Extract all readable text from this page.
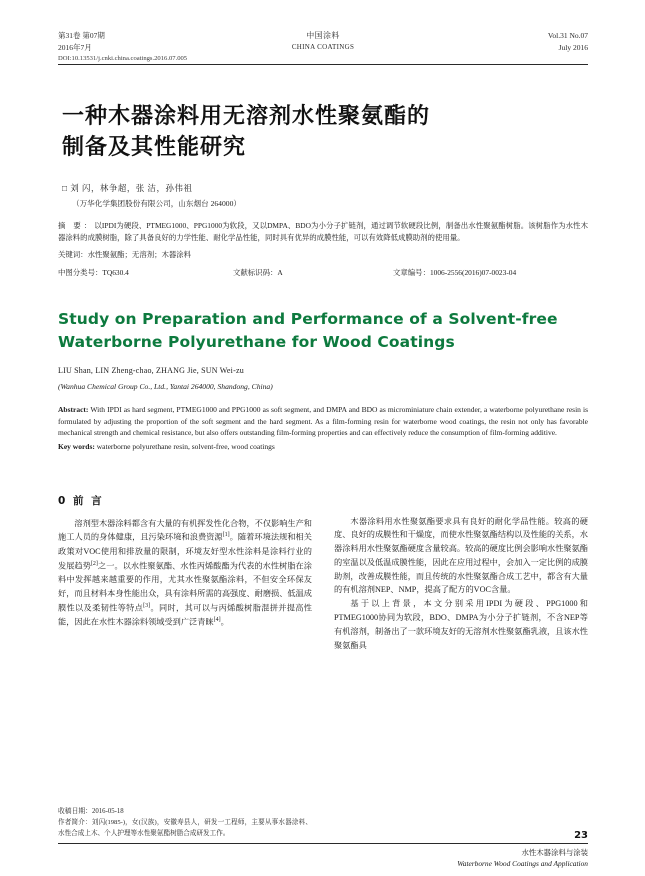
第31卷 第07期
2016年7月
中国涂料
CHINA COATINGS
Vol.31 No.07
July 2016
DOI:10.13531/j.cnki.china.coatings.2016.07.005
一种木器涂料用无溶剂水性聚氨酯的
制备及其性能研究
□ 刘 闪，林争超，张 洁，孙伟祖
（万华化学集团股份有限公司，山东烟台 264000）
摘 要：以IPDI为硬段、PTMEG1000、PPG1000为软段，又以DMPA、BDO为小分子扩链剂，通过调节软硬段比例，制备出水性聚氨酯树脂。该树脂作为水性木器涂料的成膜树脂，除了具备良好的力学性能、耐化学品性能，同时具有优异的成膜性能，可以有效降低成膜助剂的使用量。
关键词：水性聚氨酯；无溶剂；木器涂料
中图分类号：TQ630.4	文献标识码：A	文章编号：1006-2556(2016)07-0023-04
Study on Preparation and Performance of a Solvent-free
Waterborne Polyurethane for Wood Coatings
LIU Shan, LIN Zheng-chao, ZHANG Jie, SUN Wei-zu
(Wanhua Chemical Group Co., Ltd., Yantai 264000, Shandong, China)
Abstract: With IPDI as hard segment, PTMEG1000 and PPG1000 as soft segment, and DMPA and BDO as microminiature chain extender, a waterborne polyurethane resin is formulated by adjusting the proportion of the soft segment and the hard segment. As a film-forming resin for waterborne wood coatings, the resin not only has favorable mechanical strength and chemical resistance, but also offers outstanding film-forming properties and can effectively reduce the consumption of film-forming additive.
Key words: waterborne polyurethane resin, solvent-free, wood coatings
0 前 言
溶剂型木器涂料都含有大量的有机挥发性化合物，不仅影响生产和施工人员的身体健康，且污染环境和浪费资源[1]。随着环境法规和相关政策对VOC使用和排放量的限制，环境友好型水性涂料是涂料行业的发展趋势[2]之一。以水性聚氨酯、水性丙烯酸酯为代表的水性树脂在涂料中发挥越来越重要的作用，尤其水性聚氨酯涂料，不但安全环保友好，而且材料本身性能出众，具有涂料所需的高强度、耐磨损、低温成膜性以及柔韧性等特点[3]。同时，其可以与丙烯酸树脂混拼并提高性能，因此在水性木器涂料领域受到广泛青睐[4]。
木器涂料用水性聚氨酯要求具有良好的耐化学品性能。较高的硬度、良好的成膜性和干燥度，而使水性聚氨酯结构以及性能的关系，水器涂料用水性聚氨酯硬度含量较高。较高的硬度比例会影响水性聚氨酯的室温以及低温成膜性能，因此在应用过程中，会加入一定比例的成膜助剂，改善成膜性能，而且传统的水性聚氨酯合成工艺中，都含有大量的有机溶剂NEP、NMP，提高了配方的VOC含量。
基于以上背景，本文分别采用IPDI为硬段、PPG1000和PTMEG1000协同为软段，BDO、DMPA为小分子扩链剂，不含NEP等有机溶剂，制备出了一款环境友好的无溶剂水性聚氨酯乳液，且该水性聚氨酯具
收稿日期：2016-05-18
作者简介：刘闪(1985-)，女(汉族)，安徽寿县人，研发一工程师，主要从事水器涂料、水性合成上木、个人护理等水性聚氨酯树脂合成研发工作。	23
水性木器涂料与涂装
Waterborne Wood Coatings and Application
